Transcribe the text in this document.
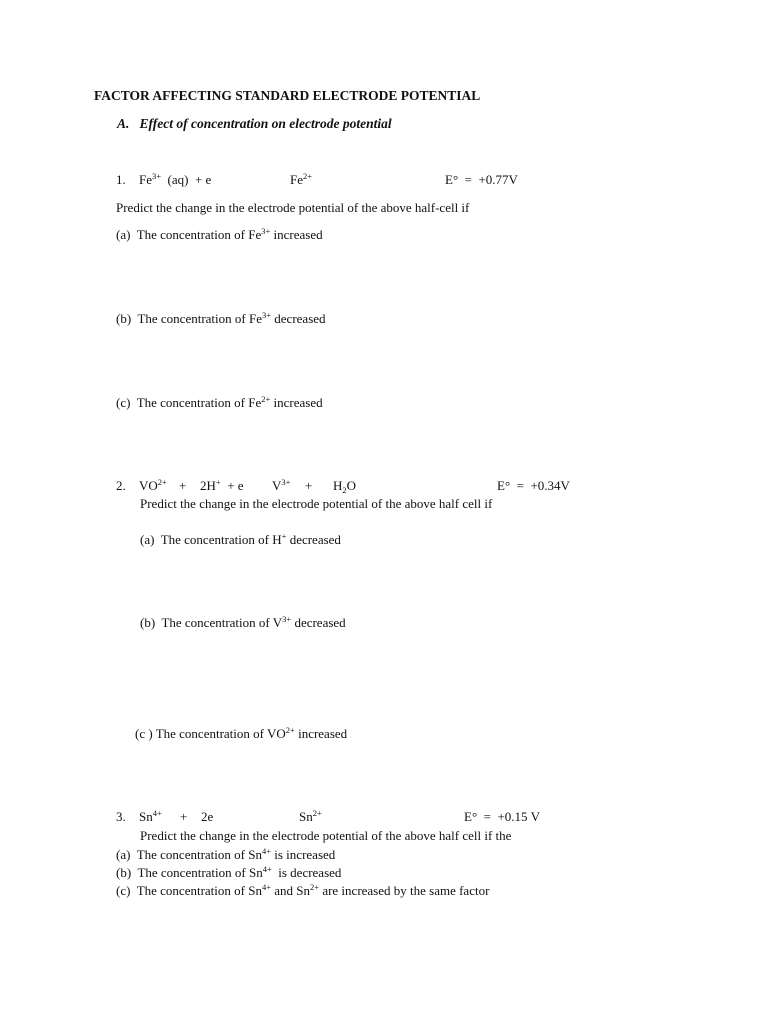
FACTOR AFFECTING STANDARD ELECTRODE POTENTIAL
A. Effect of concentration on electrode potential
1. $Fe^{3+}$  (aq)  + e	$Fe^{2+}$	E°  =  +0.77V
Predict the change in the electrode potential of the above half-cell if
(a) The concentration of $Fe^{3+}$ increased
(b) The concentration of $Fe^{3+}$ decreased
(c) The concentration of $Fe^{2+}$ increased
2. $VO^{2+} + 2H^+ + e$ $V^{3+} + H_2O$	E°  =  +0.34V
Predict the change in the electrode potential of the above half cell if
(a) The concentration of H+ decreased
(b) The concentration of $V^{3+}$ decreased
(c ) The concentration of $VO^{2+}$ increased
3. $Sn^{4+} + 2e$	$Sn^{2+}$	E°  =  +0.15 V
Predict the change in the electrode potential of the above half cell if the
(a) The concentration of $Sn^{4+}$ is increased
(b) The concentration of $Sn^{4+}$  is decreased
(c) The concentration of $Sn^{4+}$ and $Sn^{2+}$ are increased by the same factor
